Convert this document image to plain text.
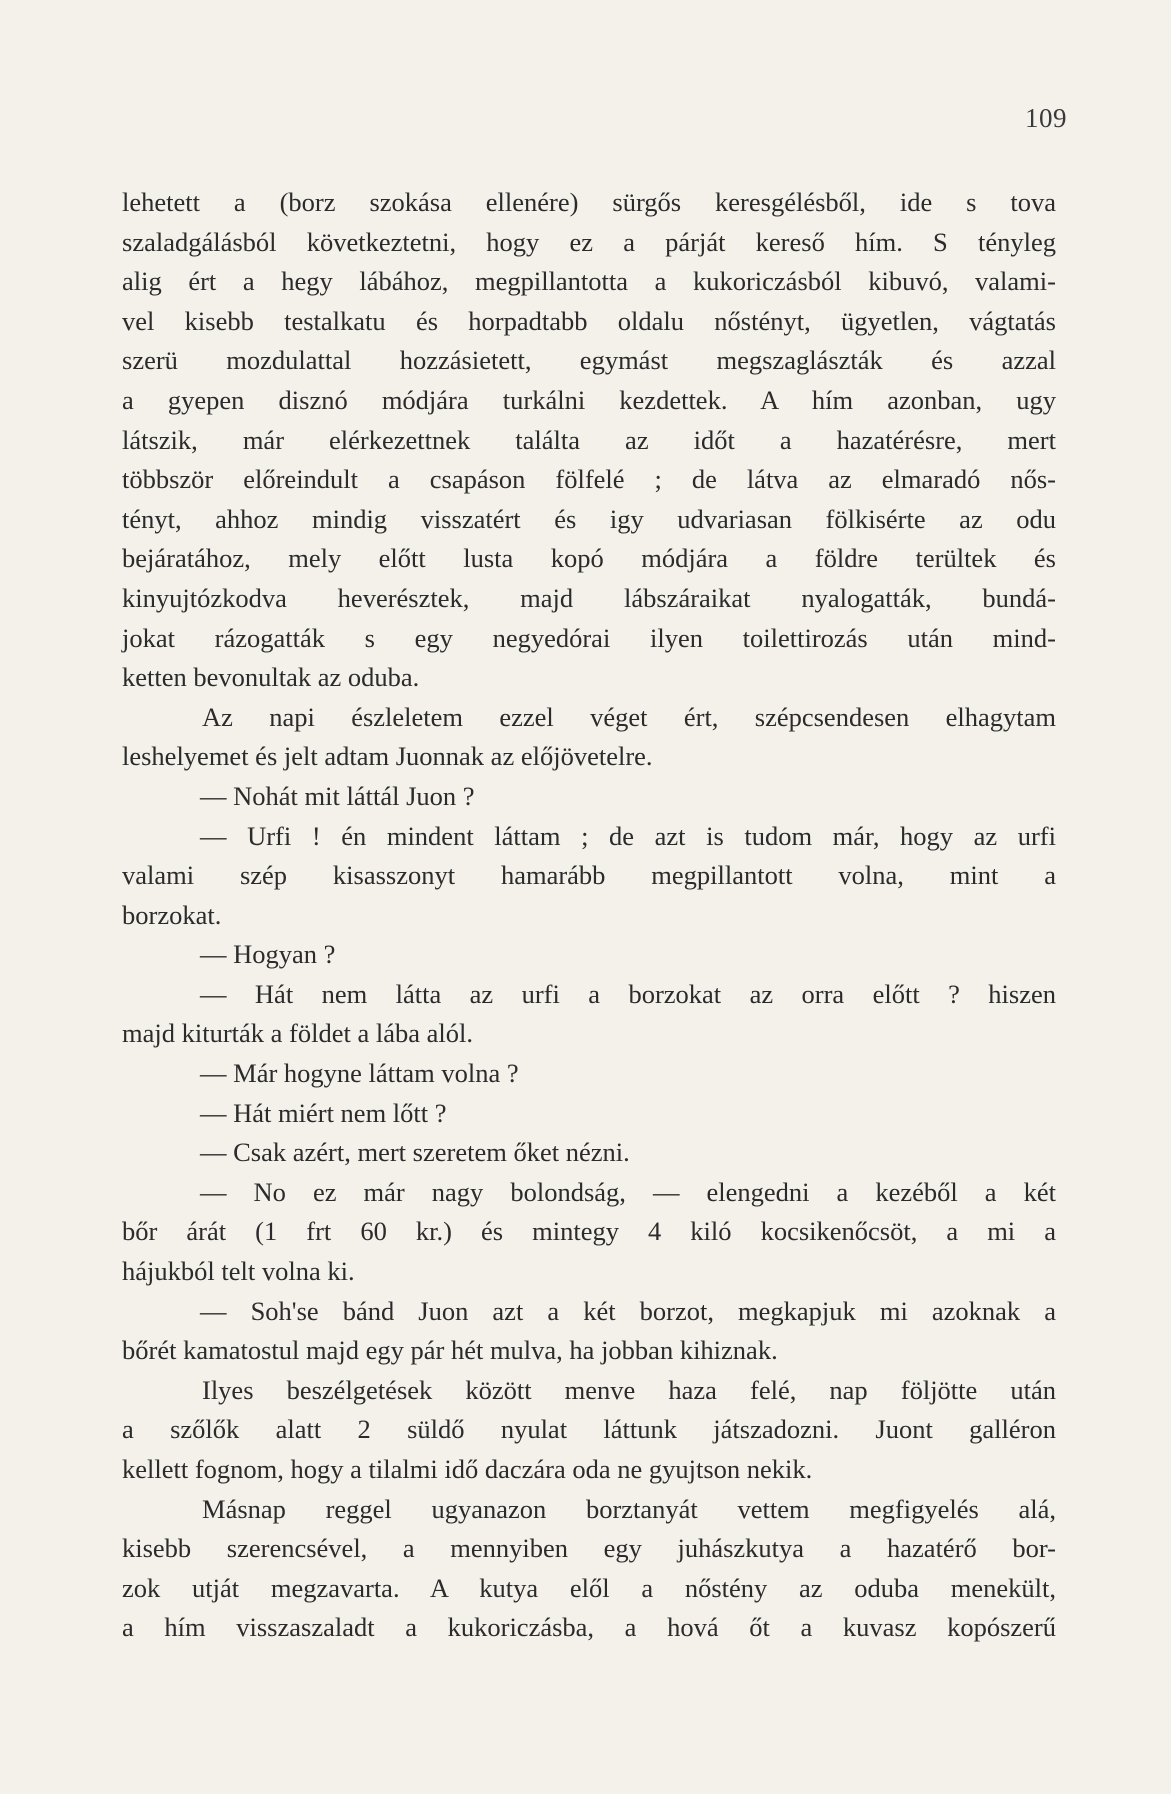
109
lehetett a (borz szokása ellenére) sürgős keresgélésből, ide s tova
szaladgálásból következtetni, hogy ez a párját kereső hím. S tényleg
alig ért a hegy lábához, megpillantotta a kukoriczásból kibuvó, valami-
vel kisebb testalkatu és horpadtabb oldalu nőstényt, ügyetlen, vágtatás
szerü mozdulattal hozzásietett, egymást megszaglászták és azzal
a gyepen disznó módjára turkálni kezdettek. A hím azonban, ugy
látszik, már elérkezettnek találta az időt a hazatérésre, mert
többször előreindult a csapáson fölfelé ; de látva az elmaradó nős-
tényt, ahhoz mindig visszatért és igy udvariasan fölkisérte az odu
bejáratához, mely előtt lusta kopó módjára a földre terültek és
kinyujtózkodva heverésztek, majd lábszáraikat nyalogatták, bundá-
jokat rázogatták s egy negyedórai ilyen toilettirozás után mind-
ketten bevonultak az oduba.
Az napi észleletem ezzel véget ért, szépcsendesen elhagytam
leshelyemet és jelt adtam Juonnak az előjövetelre.
— Nohát mit láttál Juon ?
— Urfi ! én mindent láttam ; de azt is tudom már, hogy az urfi
valami szép kisasszonyt hamarább megpillantott volna, mint a
borzokat.
— Hogyan ?
— Hát nem látta az urfi a borzokat az orra előtt ? hiszen
majd kiturták a földet a lába alól.
— Már hogyne láttam volna ?
— Hát miért nem lőtt ?
— Csak azért, mert szeretem őket nézni.
— No ez már nagy bolondság, — elengedni a kezéből a két
bőr árát (1 frt 60 kr.) és mintegy 4 kiló kocsikenőcsöt, a mi a
hájukból telt volna ki.
— Soh'se bánd Juon azt a két borzot, megkapjuk mi azoknak a
bőrét kamatostul majd egy pár hét mulva, ha jobban kihiznak.
Ilyes beszélgetések között menve haza felé, nap följötte után
a szőlők alatt 2 süldő nyulat láttunk játszadozni. Juont galléron
kellett fognom, hogy a tilalmi idő daczára oda ne gyujtson nekik.
Másnap reggel ugyanazon borztanyát vettem megfigyelés alá,
kisebb szerencsével, a mennyiben egy juhászkutya a hazatérő bor-
zok utját megzavarta. A kutya elől a nőstény az oduba menekült,
a hím visszaszaladt a kukoriczásba, a hová őt a kuvasz kopószerű
